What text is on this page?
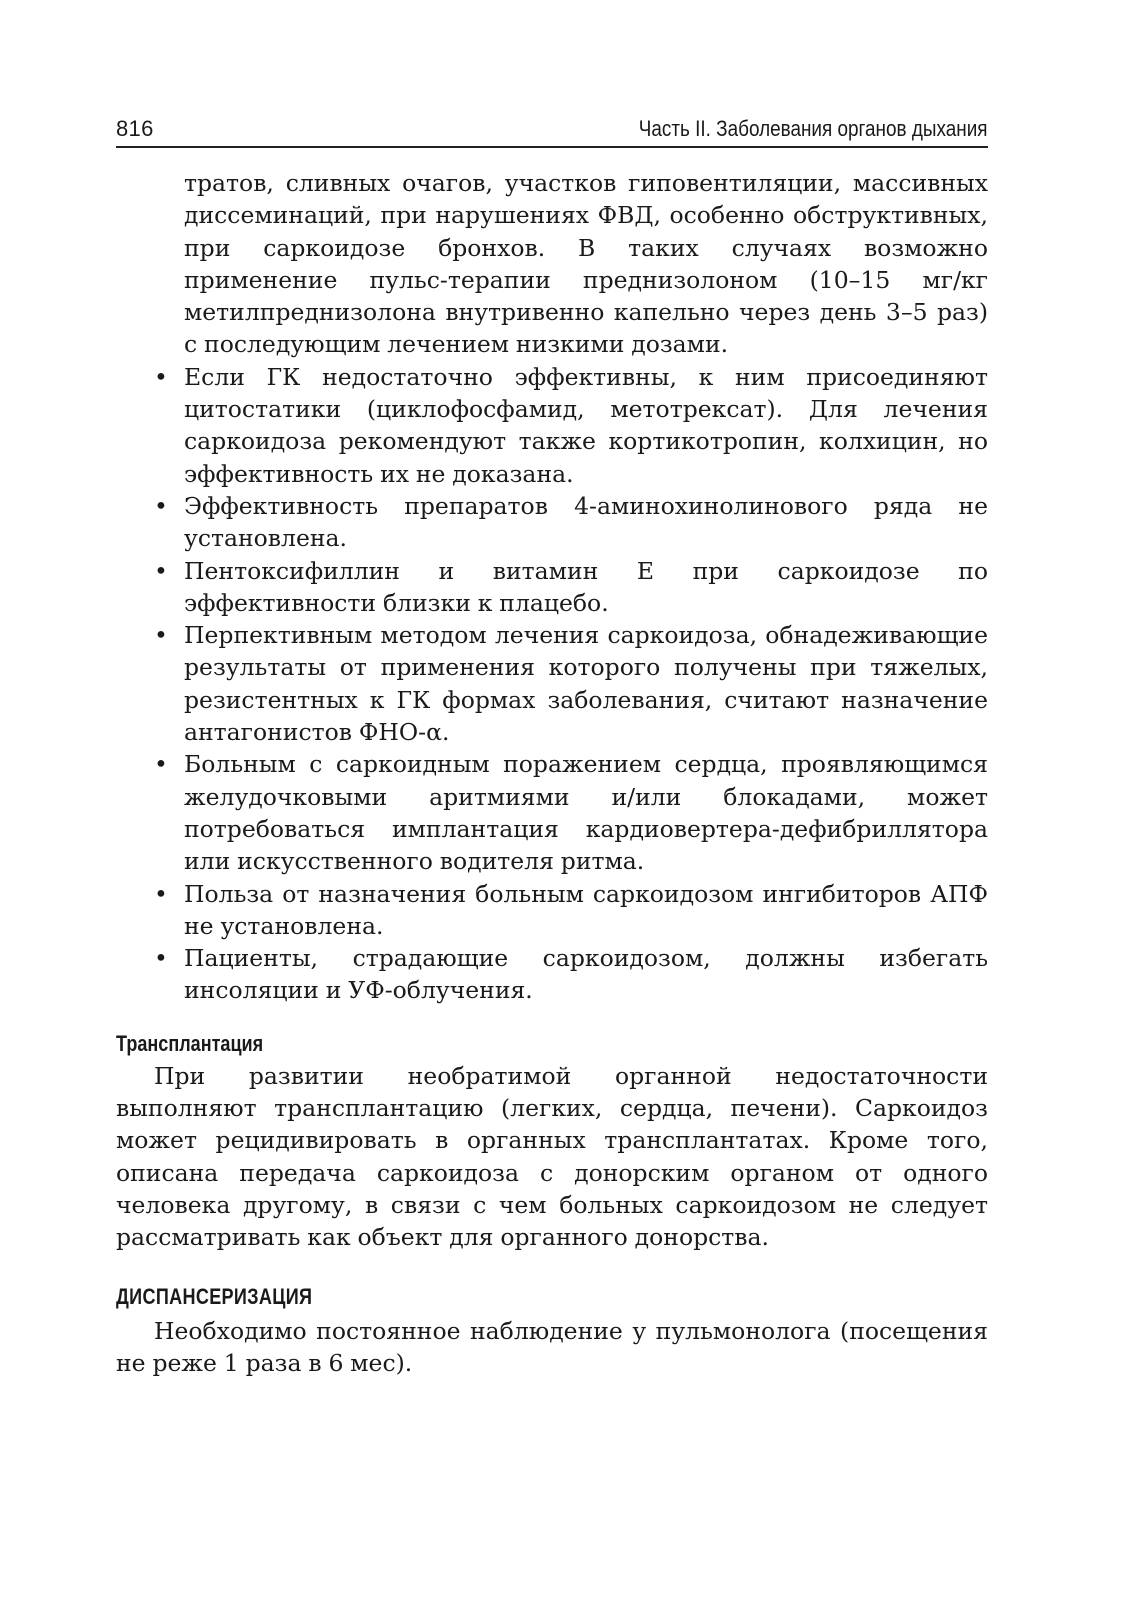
816	Часть II. Заболевания органов дыхания

тратов, сливных очагов, участков гиповентиляции, массивных диссеминаций, при нарушениях ФВД, особенно обструктивных, при саркоидозе бронхов. В таких случаях возможно применение пульс-терапии преднизолоном (10–15 мг/кг метилпреднизолона внутривенно капельно через день 3–5 раз) с последующим лечением низкими дозами.

• Если ГК недостаточно эффективны, к ним присоединяют цитостатики (циклофосфамид, метотрексат). Для лечения саркоидоза рекомендуют также кортикотропин, колхицин, но эффективность их не доказана.

• Эффективность препаратов 4-аминохинолинового ряда не установлена.

• Пентоксифиллин и витамин Е при саркоидозе по эффективности близки к плацебо.

• Перпективным методом лечения саркоидоза, обнадеживающие результаты от применения которого получены при тяжелых, резистентных к ГК формах заболевания, считают назначение антагонистов ФНО-α.

• Больным с саркоидным поражением сердца, проявляющимся желудочковыми аритмиями и/или блокадами, может потребоваться имплантация кардиовертера-дефибриллятора или искусственного водителя ритма.

• Польза от назначения больным саркоидозом ингибиторов АПФ не установлена.

• Пациенты, страдающие саркоидозом, должны избегать инсоляции и УФ-облучения.

Трансплантация

При развитии необратимой органной недостаточности выполняют трансплантацию (легких, сердца, печени). Саркоидоз может рецидивировать в органных трансплантатах. Кроме того, описана передача саркоидоза с донорским органом от одного человека другому, в связи с чем больных саркоидозом не следует рассматривать как объект для органного донорства.

ДИСПАНСЕРИЗАЦИЯ

Необходимо постоянное наблюдение у пульмонолога (посещения не реже 1 раза в 6 мес).
